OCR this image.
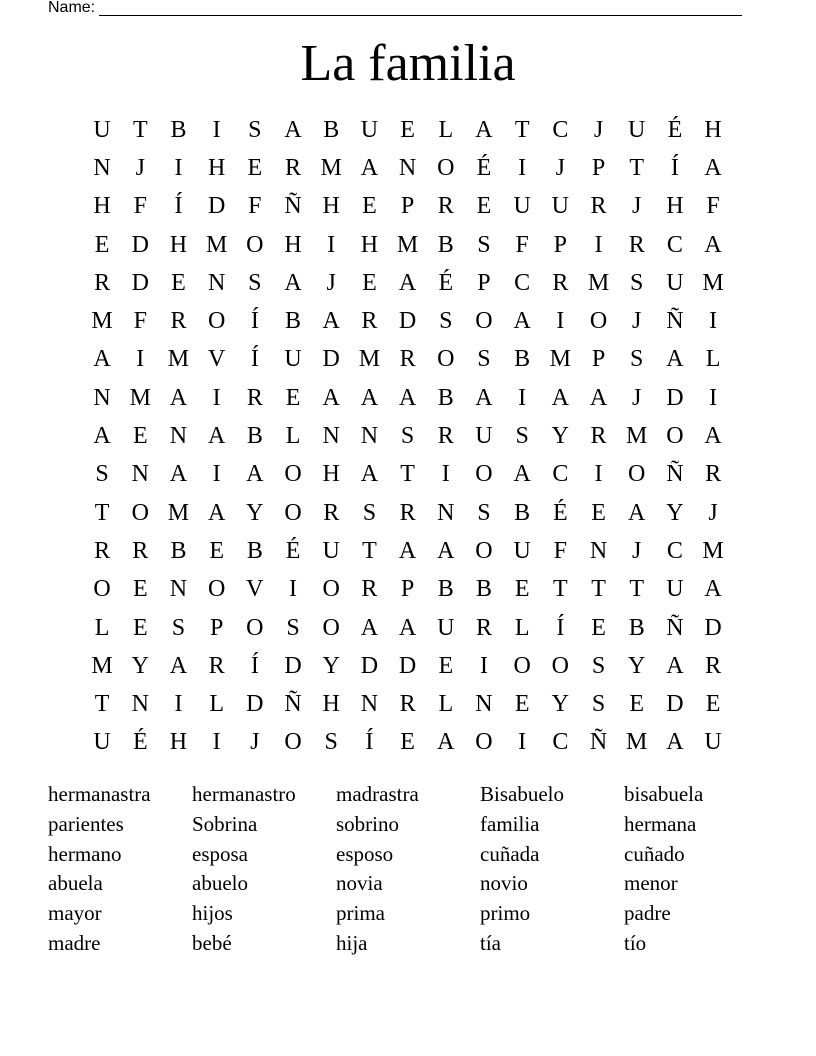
Name:
La familia
U T B	I	S A B U E L A T C	J	U É H
N	J	I	H E R M A N O É	I	J	P	T	Í	A
H F	Í	D F Ñ H E	P R E U U R	J	H F
E D H M O H	I	H M B S	F	P	I	R C A
R D E N S A	J	E A É	P C R M S U M
M F R O	Í	B A R D S O A	I	O	J	Ñ	I
A	I M V	Í	U D M R O S B M P	S A L
N M A	I	R E A A A B A	I	A A	J	D	I
A E N A B L N N S R U S Y R M O A
S N A	I	A O H A T	I	O A C	I	O Ñ R
T O M A Y O R S R N S B É E A Y	J
R R B E B É U T A A O U F N	J	C M
O E N O V	I	O R P B B E T T T U A
L E	S	P O S O A A U R L	Í	E B Ñ D
M Y A R	Í	D Y D D E	I	O O S Y A R
T N	I	L D Ñ H N R L N E Y S	E D E
U É H	I	J	O S	Í	E A O	I	C Ñ M A U
hermanastra	hermanastro	madrastra	Bisabuelo	bisabuela
parientes	Sobrina	sobrino	familia	hermana
hermano	esposa	esposo	cuñada	cuñado
abuela	abuelo	novia	novio	menor
mayor	hijos	prima	primo	padre
madre	bebé	hija	tía	tío
